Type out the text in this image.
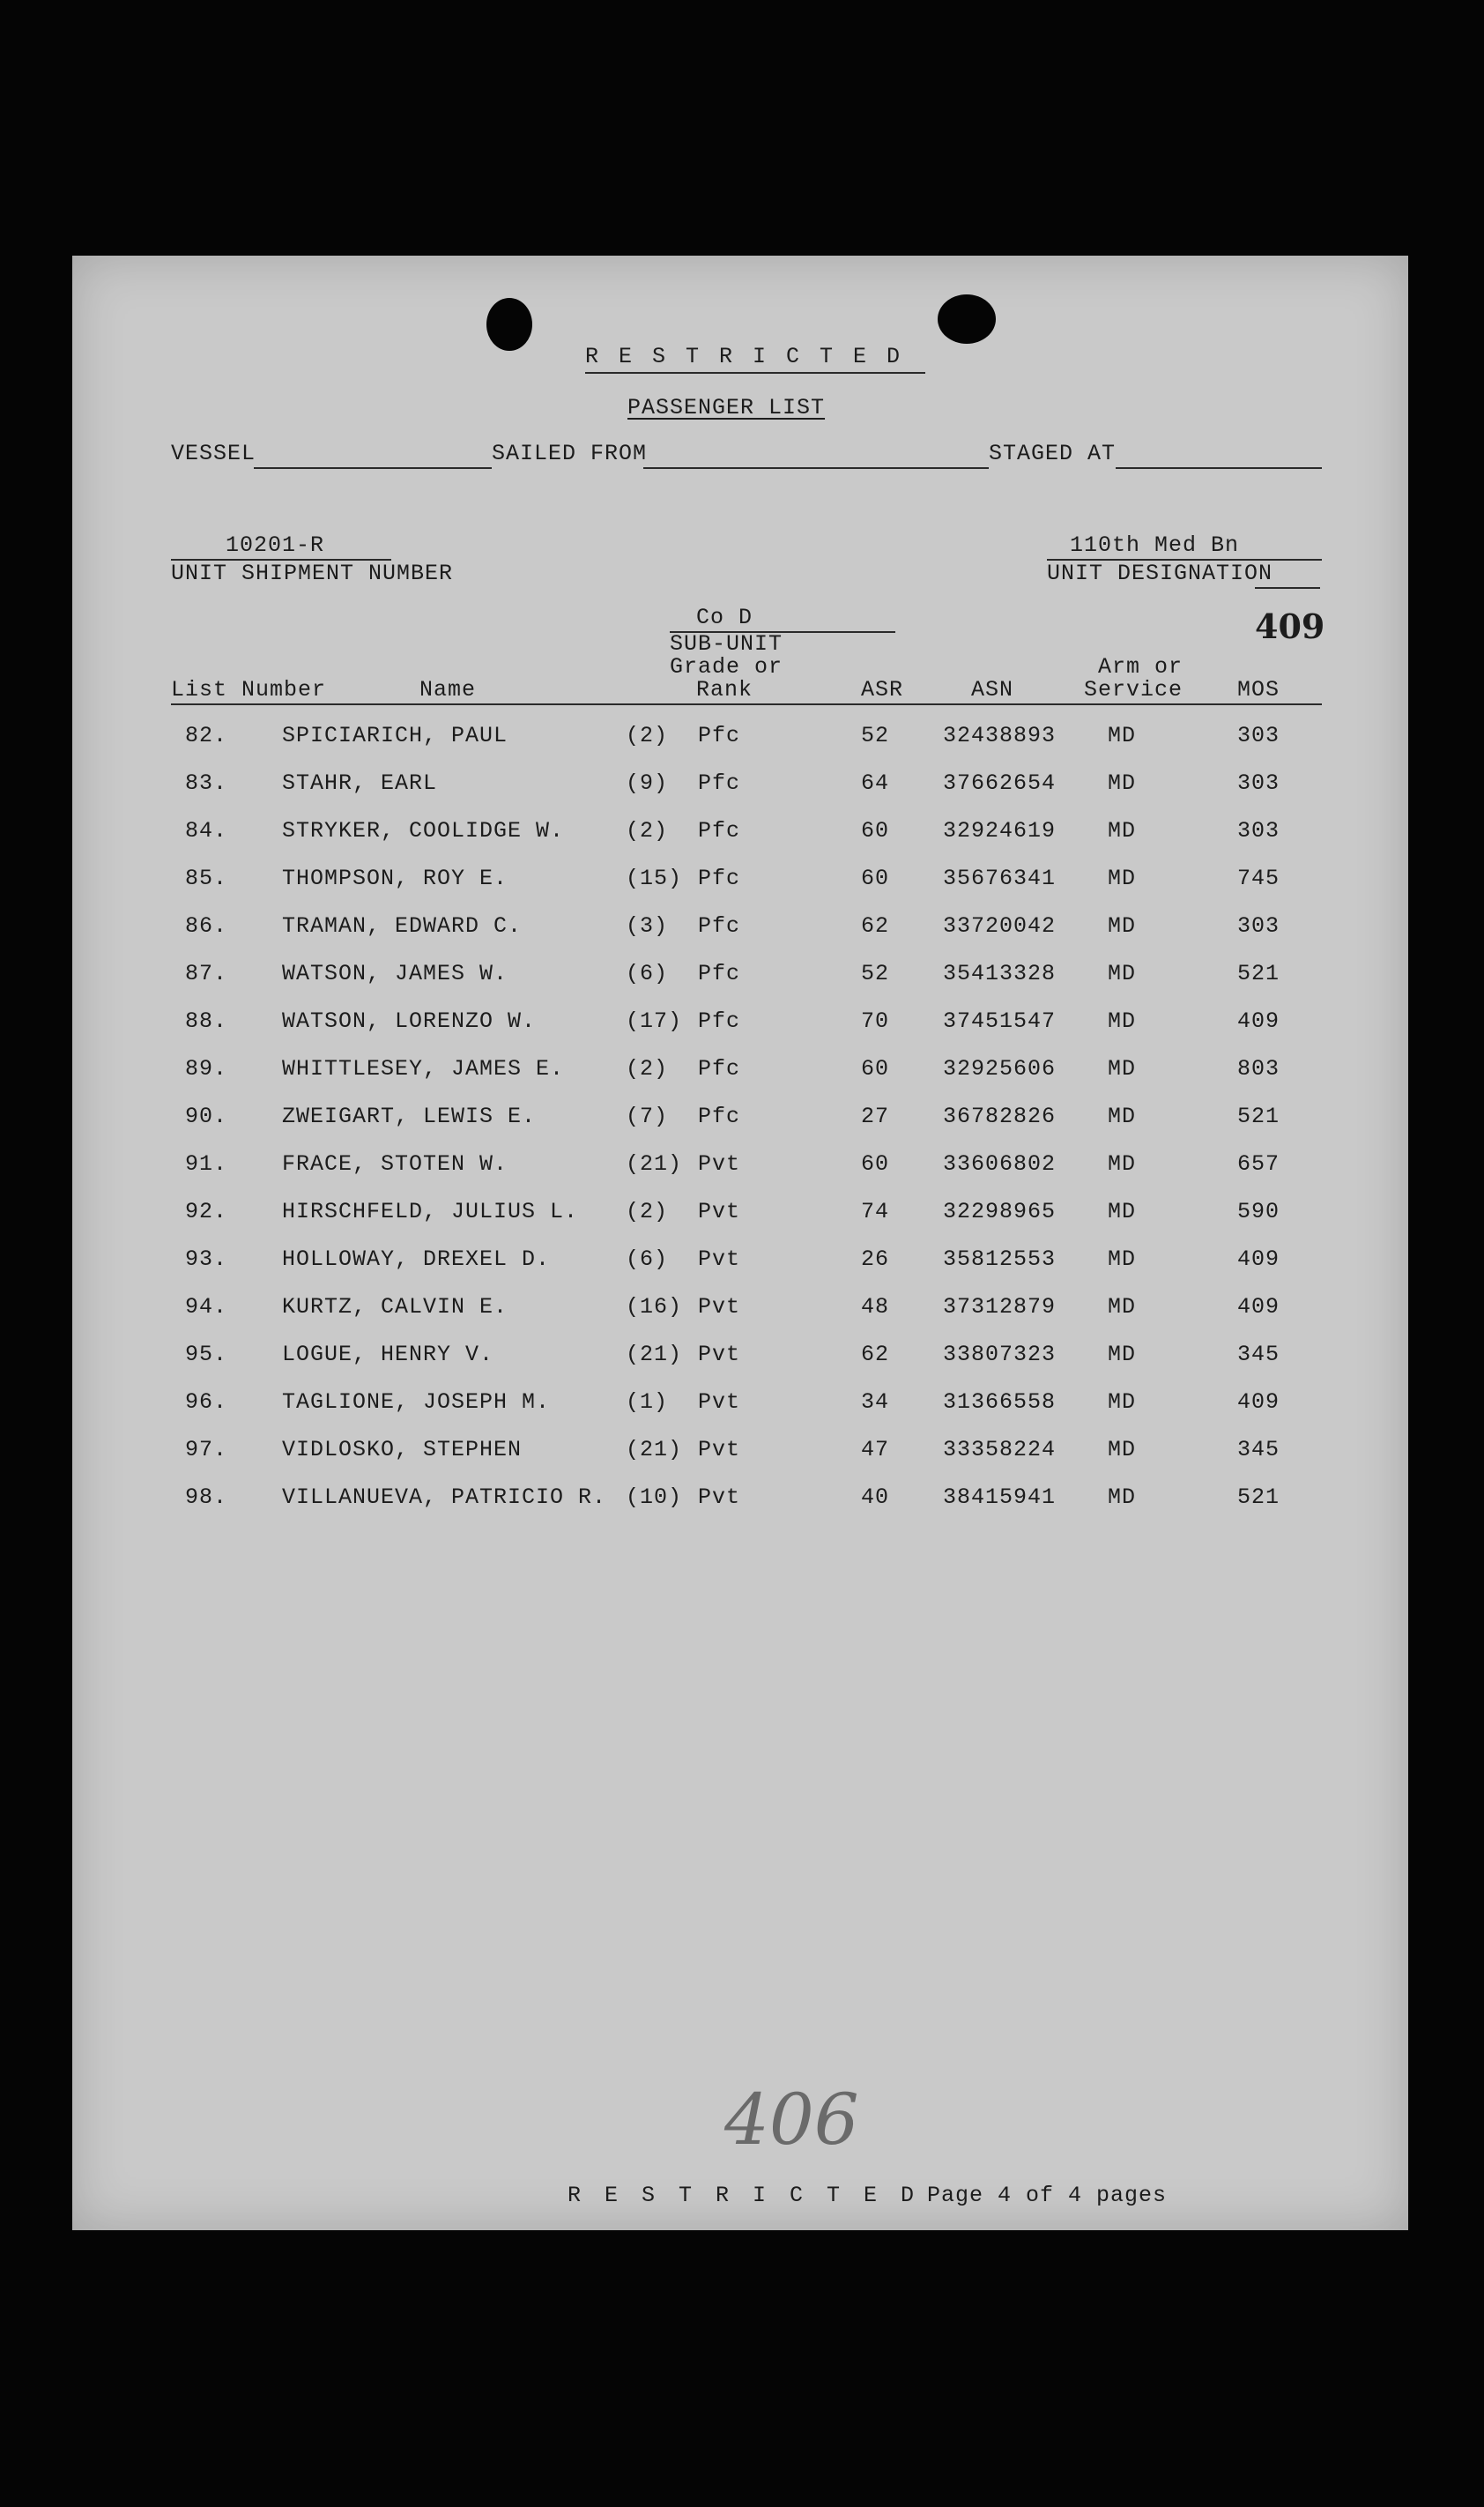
R E S T R I C T E D
PASSENGER LIST
VESSEL	SAILED FROM	STAGED AT
10201-R
UNIT SHIPMENT NUMBER
110th Med Bn
UNIT DESIGNATION
409
Co D
SUB-UNIT
Grade or
Rank
List Number	Name	ASR	ASN
Arm or
Service MOS
82. SPICIARICH, PAUL	(2) Pfc	52 32438893 MD	303
83. STAHR, EARL	(9) Pfc	64 37662654 MD	303
84. STRYKER, COOLIDGE W.	(2) Pfc	60 32924619 MD	303
85. THOMPSON, ROY E.	(15) Pfc	60 35676341 MD	745
86. TRAMAN, EDWARD C.	(3) Pfc	62 33720042 MD	303
87. WATSON, JAMES W.	(6) Pfc	52 35413328 MD	521
88. WATSON, LORENZO W.	(17) Pfc	70 37451547 MD	409
89. WHITTLESEY, JAMES E.	(2) Pfc	60 32925606 MD	803
90. ZWEIGART, LEWIS E.	(7) Pfc	27 36782826 MD	521
91. FRACE, STOTEN W.	(21) Pvt	60 33606802 MD	657
92. HIRSCHFELD, JULIUS L. (2) Pvt	74 32298965 MD	590
93. HOLLOWAY, DREXEL D.	(6) Pvt	26 35812553 MD	409
94. KURTZ, CALVIN E.	(16) Pvt	48 37312879 MD	409
95. LOGUE, HENRY V.	(21) Pvt	62 33807323 MD	345
96. TAGLIONE, JOSEPH M.	(1) Pvt	34 31366558 MD	409
97. VIDLOSKO, STEPHEN	(21) Pvt	47 33358224 MD	345
98. VILLANUEVA, PATRICIO R. (10) Pvt	40 38415941 MD	521
406
R E S T R I C T E D Page 4 of 4 pages
